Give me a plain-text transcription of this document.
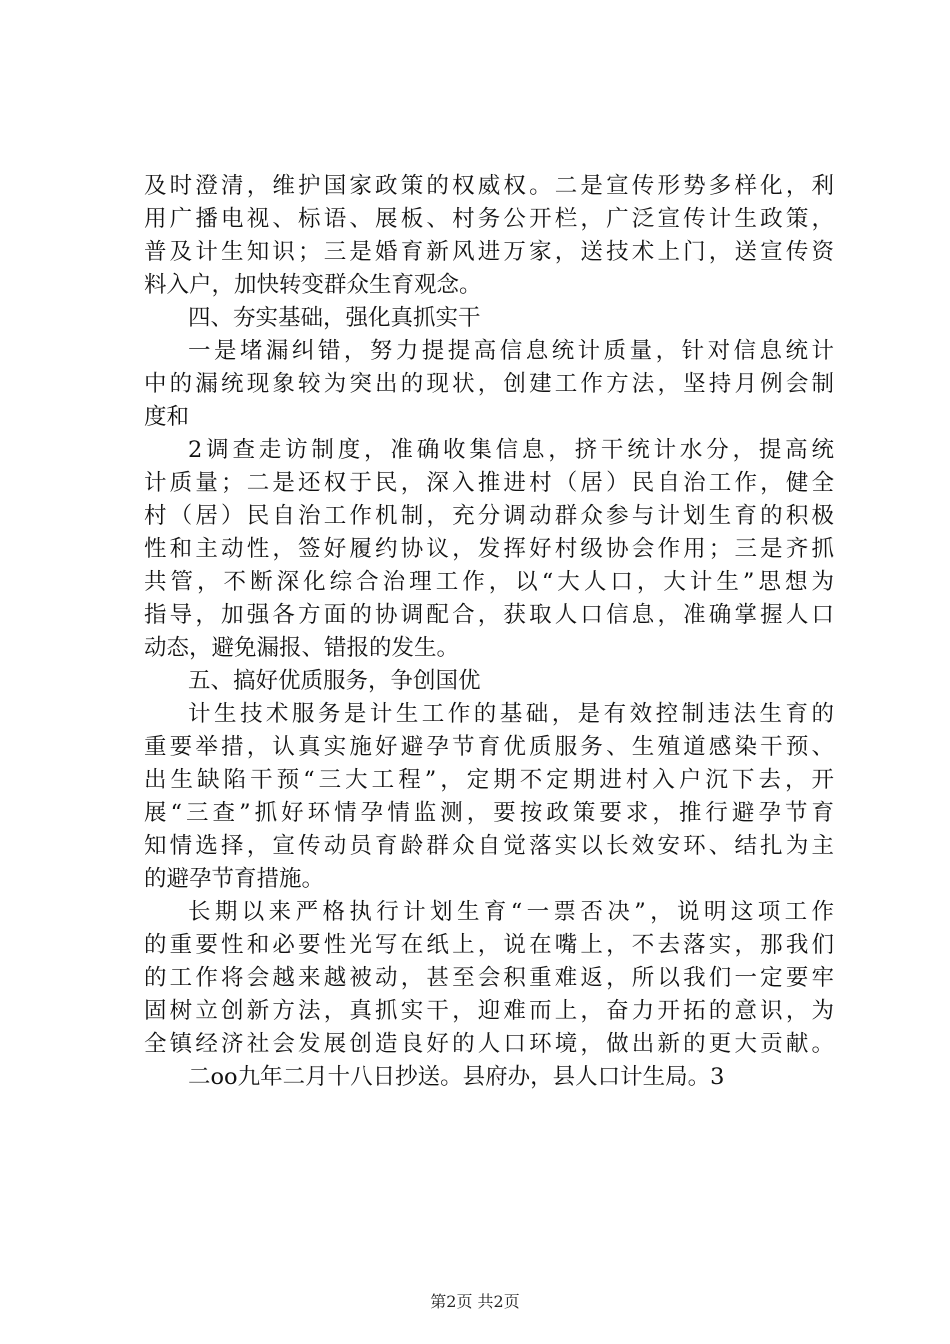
及时澄清，维护国家政策的权威权。二是宣传形势多样化，利
用广播电视、标语、展板、村务公开栏，广泛宣传计生政策，
普及计生知识；三是婚育新风进万家，送技术上门，送宣传资
料入户，加快转变群众生育观念。
四、夯实基础，强化真抓实干
一是堵漏纠错，努力提提高信息统计质量，针对信息统计
中的漏统现象较为突出的现状，创建工作方法，坚持月例会制
度和
2调查走访制度，准确收集信息，挤干统计水分，提高统
计质量；二是还权于民，深入推进村（居）民自治工作，健全
村（居）民自治工作机制，充分调动群众参与计划生育的积极
性和主动性，签好履约协议，发挥好村级协会作用；三是齐抓
共管，不断深化综合治理工作，以“大人口，大计生”思想为
指导，加强各方面的协调配合，获取人口信息，准确掌握人口
动态，避免漏报、错报的发生。
五、搞好优质服务，争创国优
计生技术服务是计生工作的基础，是有效控制违法生育的
重要举措，认真实施好避孕节育优质服务、生殖道感染干预、
出生缺陷干预“三大工程”，定期不定期进村入户沉下去，开
展“三查”抓好环情孕情监测，要按政策要求，推行避孕节育
知情选择，宣传动员育龄群众自觉落实以长效安环、结扎为主
的避孕节育措施。
长期以来严格执行计划生育“一票否决”，说明这项工作
的重要性和必要性光写在纸上，说在嘴上，不去落实，那我们
的工作将会越来越被动，甚至会积重难返，所以我们一定要牢
固树立创新方法，真抓实干，迎难而上，奋力开拓的意识，为
全镇经济社会发展创造良好的人口环境，做出新的更大贡献。
二oo九年二月十八日抄送。县府办，县人口计生局。3
第2页 共2页
